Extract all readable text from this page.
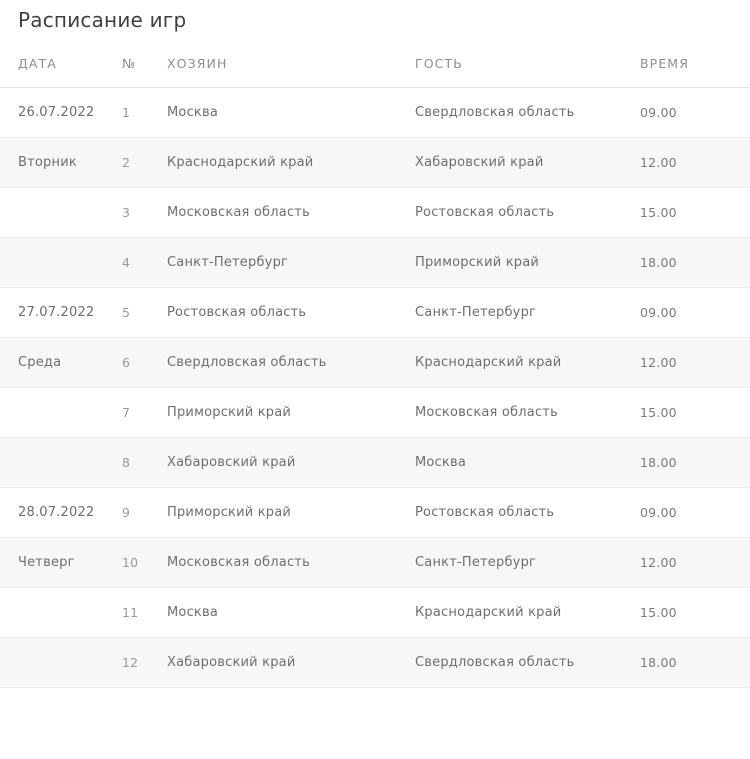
Расписание игр
ДАТА	№	ХОЗЯИН	ГОСТЬ	ВРЕМЯ
26.07.2022	1	Москва	Свердловская область	09.00
Вторник	2	Краснодарский край	Хабаровский край	12.00
	3	Московская область	Ростовская область	15.00
	4	Санкт-Петербург	Приморский край	18.00
27.07.2022	5	Ростовская область	Санкт-Петербург	09.00
Среда	6	Свердловская область	Краснодарский край	12.00
	7	Приморский край	Московская область	15.00
	8	Хабаровский край	Москва	18.00
28.07.2022	9	Приморский край	Ростовская область	09.00
Четверг	10	Московская область	Санкт-Петербург	12.00
	11	Москва	Краснодарский край	15.00
	12	Хабаровский край	Свердловская область	18.00
